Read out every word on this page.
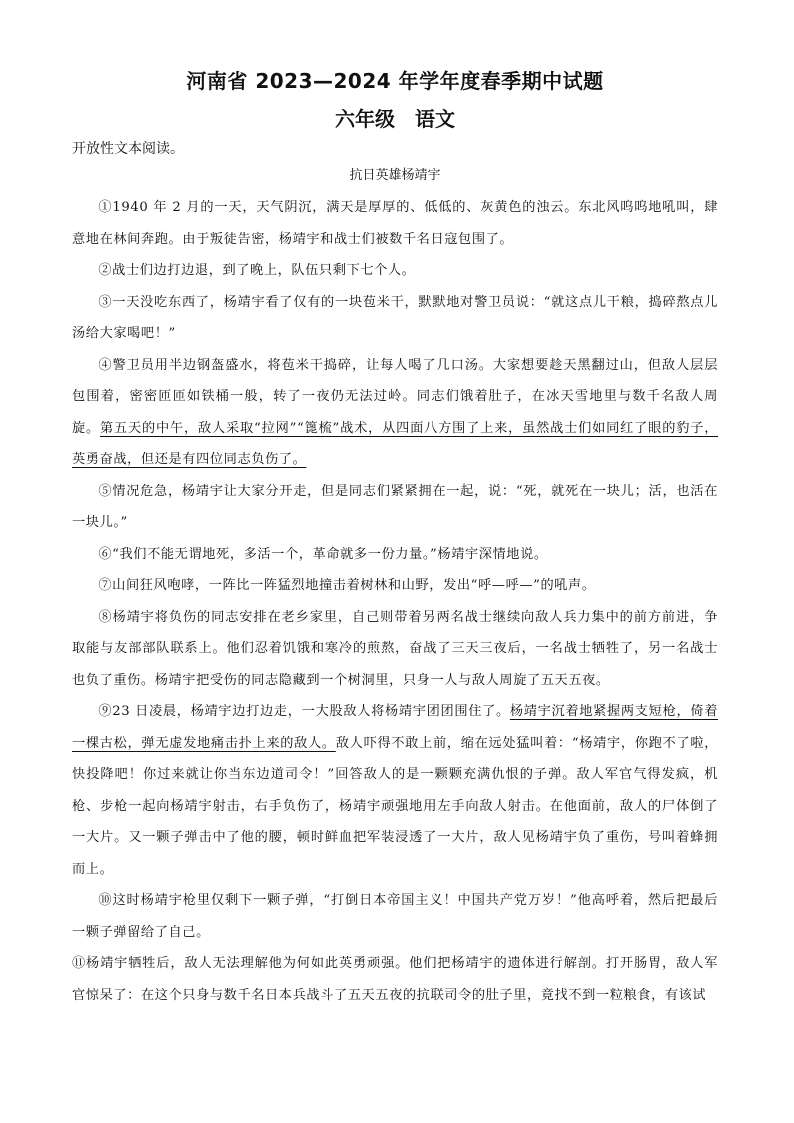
河南省 2023—2024 年学年度春季期中试题
六年级　语文

开放性文本阅读。

抗日英雄杨靖宇

①1940 年 2 月的一天，天气阴沉，满天是厚厚的、低低的、灰黄色的浊云。东北风呜呜地吼叫，肆意地在林间奔跑。由于叛徒告密，杨靖宇和战士们被数千名日寇包围了。

②战士们边打边退，到了晚上，队伍只剩下七个人。

③一天没吃东西了，杨靖宇看了仅有的一块苞米干，默默地对警卫员说：“就这点儿干粮，捣碎熬点儿汤给大家喝吧！”

④警卫员用半边钢盔盛水，将苞米干捣碎，让每人喝了几口汤。大家想要趁天黑翻过山，但敌人层层包围着，密密匝匝如铁桶一般，转了一夜仍无法过岭。同志们饿着肚子，在冰天雪地里与数千名敌人周旋。第五天的中午，敌人采取“拉网”“篦梳”战术，从四面八方围了上来，虽然战士们如同红了眼的豹子，英勇奋战，但还是有四位同志负伤了。

⑤情况危急，杨靖宇让大家分开走，但是同志们紧紧拥在一起，说：“死，就死在一块儿；活，也活在一块儿。”

⑥“我们不能无谓地死，多活一个，革命就多一份力量。”杨靖宇深情地说。

⑦山间狂风咆哮，一阵比一阵猛烈地撞击着树林和山野，发出“呼—呼—”的吼声。

⑧杨靖宇将负伤的同志安排在老乡家里，自己则带着另两名战士继续向敌人兵力集中的前方前进，争取能与友部部队联系上。他们忍着饥饿和寒冷的煎熬，奋战了三天三夜后，一名战士牺牲了，另一名战士也负了重伤。杨靖宇把受伤的同志隐藏到一个树洞里，只身一人与敌人周旋了五天五夜。

⑨23 日凌晨，杨靖宇边打边走，一大股敌人将杨靖宇团团围住了。杨靖宇沉着地紧握两支短枪，倚着一棵古松，弹无虚发地痛击扑上来的敌人。敌人吓得不敢上前，缩在远处猛叫着：“杨靖宇，你跑不了啦，快投降吧！你过来就让你当东边道司令！”回答敌人的是一颗颗充满仇恨的子弹。敌人军官气得发疯，机枪、步枪一起向杨靖宇射击，右手负伤了，杨靖宇顽强地用左手向敌人射击。在他面前，敌人的尸体倒了一大片。又一颗子弹击中了他的腰，顿时鲜血把军装浸透了一大片，敌人见杨靖宇负了重伤，号叫着蜂拥而上。

⑩这时杨靖宇枪里仅剩下一颗子弹，“打倒日本帝国主义！中国共产党万岁！”他高呼着，然后把最后一颗子弹留给了自己。

⑪杨靖宇牺牲后，敌人无法理解他为何如此英勇顽强。他们把杨靖宇的遗体进行解剖。打开肠胃，敌人军官惊呆了：在这个只身与数千名日本兵战斗了五天五夜的抗联司令的肚子里，竟找不到一粒粮食，有该试
